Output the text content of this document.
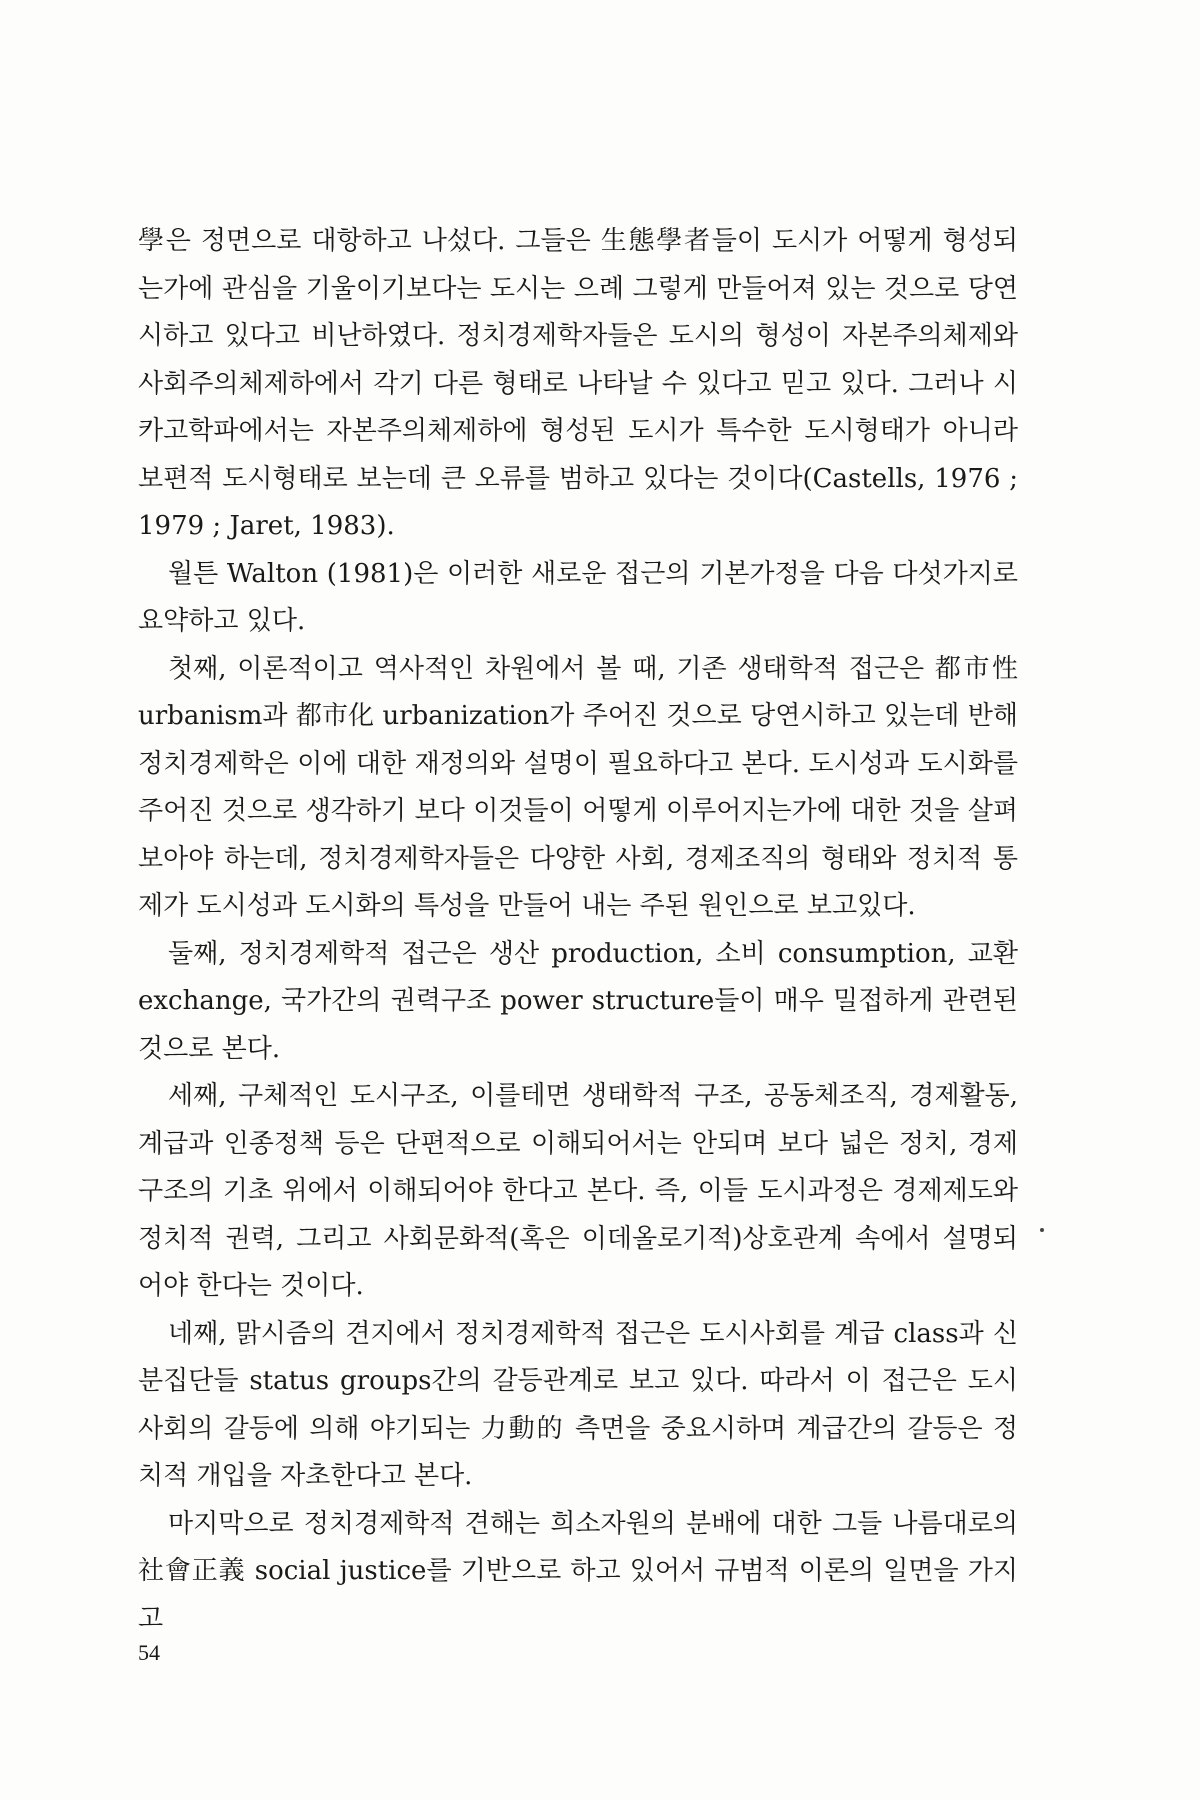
學은 정면으로 대항하고 나섰다. 그들은 生態學者들이 도시가 어떻게 형성되는가에 관심을 기울이기보다는 도시는 으례 그렇게 만들어져 있는 것으로 당연시하고 있다고 비난하였다. 정치경제학자들은 도시의 형성이 자본주의체제와 사회주의체제하에서 각기 다른 형태로 나타날 수 있다고 믿고 있다. 그러나 시카고학파에서는 자본주의체제하에 형성된 도시가 특수한 도시형태가 아니라 보편적 도시형태로 보는데 큰 오류를 범하고 있다는 것이다(Castells, 1976 ; 1979 ; Jaret, 1983).

월튼 Walton (1981)은 이러한 새로운 접근의 기본가정을 다음 다섯가지로 요약하고 있다.

첫째, 이론적이고 역사적인 차원에서 볼 때, 기존 생태학적 접근은 都市性 urbanism과 都市化 urbanization가 주어진 것으로 당연시하고 있는데 반해 정치경제학은 이에 대한 재정의와 설명이 필요하다고 본다. 도시성과 도시화를 주어진 것으로 생각하기 보다 이것들이 어떻게 이루어지는가에 대한 것을 살펴 보아야 하는데, 정치경제학자들은 다양한 사회, 경제조직의 형태와 정치적 통제가 도시성과 도시화의 특성을 만들어 내는 주된 원인으로 보고있다.

둘째, 정치경제학적 접근은 생산 production, 소비 consumption, 교환 exchange, 국가간의 권력구조 power structure들이 매우 밀접하게 관련된 것으로 본다.

세째, 구체적인 도시구조, 이를테면 생태학적 구조, 공동체조직, 경제활동, 계급과 인종정책 등은 단편적으로 이해되어서는 안되며 보다 넓은 정치, 경제구조의 기초 위에서 이해되어야 한다고 본다. 즉, 이들 도시과정은 경제제도와 정치적 권력, 그리고 사회문화적(혹은 이데올로기적)상호관계 속에서 설명되어야 한다는 것이다.

네째, 맑시즘의 견지에서 정치경제학적 접근은 도시사회를 계급 class과 신분집단들 status groups간의 갈등관계로 보고 있다. 따라서 이 접근은 도시사회의 갈등에 의해 야기되는 力動的 측면을 중요시하며 계급간의 갈등은 정치적 개입을 자초한다고 본다.

마지막으로 정치경제학적 견해는 희소자원의 분배에 대한 그들 나름대로의 社會正義 social justice를 기반으로 하고 있어서 규범적 이론의 일면을 가지고

54
